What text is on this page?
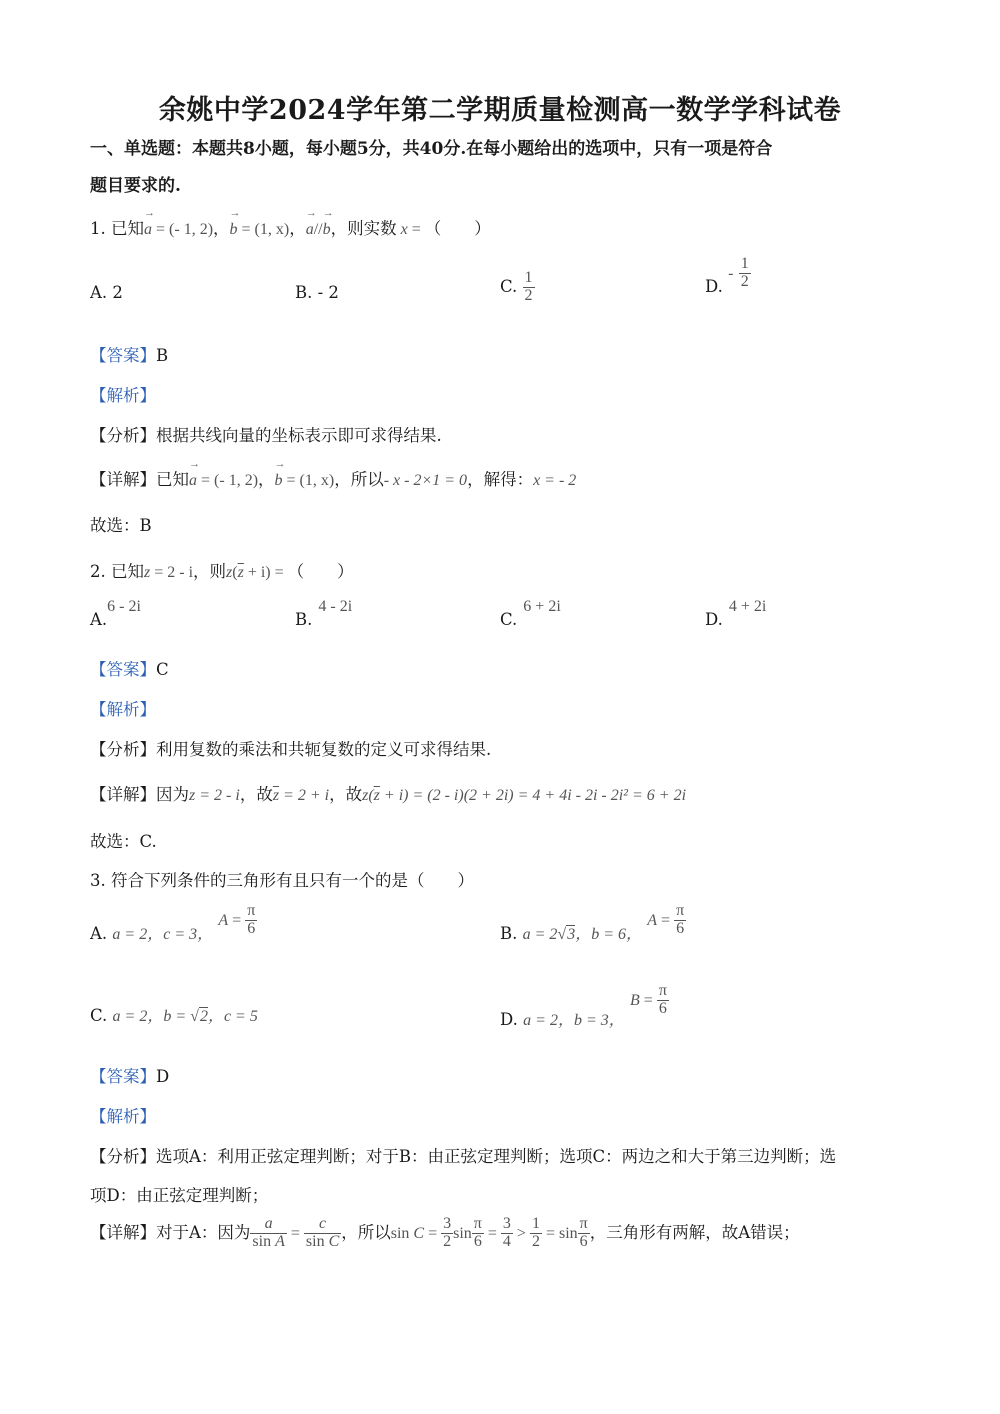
余姚中学2024学年第二学期质量检测高一数学学科试卷
一、单选题：本题共8小题，每小题5分，共40分.在每小题给出的选项中，只有一项是符合
题目要求的.
1. 已知→ a = (- 1, 2)，→ b = (1, x)，→ a//→ b，则实数 x = （　　）
A. 2	B. - 2	C. $\frac{1}{2}$	D. - $\frac{1}{2}$
【答案】B
【解析】
【分析】根据共线向量的坐标表示即可求得结果.
【详解】已知→ a = (- 1, 2)，→ b = (1, x)，所以- x - 2×1 = 0，解得：x = - 2
故选：B
2. 已知z = 2 - i，则$z(\overline{z} + i)$ = （　　）
A.6 - 2i
B.4 - 2i
C.6 + 2i
D.4 + 2i
【答案】C
【解析】
【分析】利用复数的乘法和共轭复数的定义可求得结果.
【详解】因为z = 2 - i，故$\overline{z} = 2 + i$，故$z(\overline{z} + i) = (2 - i)(2 + 2i) = 4 + 4i - 2i - 2i^2 = 6 + 2i$
故选：C.
3. 符合下列条件的三角形有且只有一个的是（　　）
A. a = 2，c = 3， $A = \frac{\pi}{6}$	B. a = 2√3，b = 6， $A = \frac{\pi}{6}$
C. a = 2，b = √2，c = 5	D. a = 2，b = 3， $B = \frac{\pi}{6}$
【答案】D
【解析】
【分析】选项A：利用正弦定理判断；对于B：由正弦定理判断；选项C：两边之和大于第三边判断；选
项D：由正弦定理判断；
【详解】对于A：因为 $\frac{a}{\text{sin A}} = \frac{c}{\text{sin C}}$ ，所以$\sin C = \frac{3}{2}$ $\sin \frac{\pi}{6} = \frac{3}{4} > \frac{1}{2} = \sin \frac{\pi}{6}$ ，三角形有两解，故A错误；
